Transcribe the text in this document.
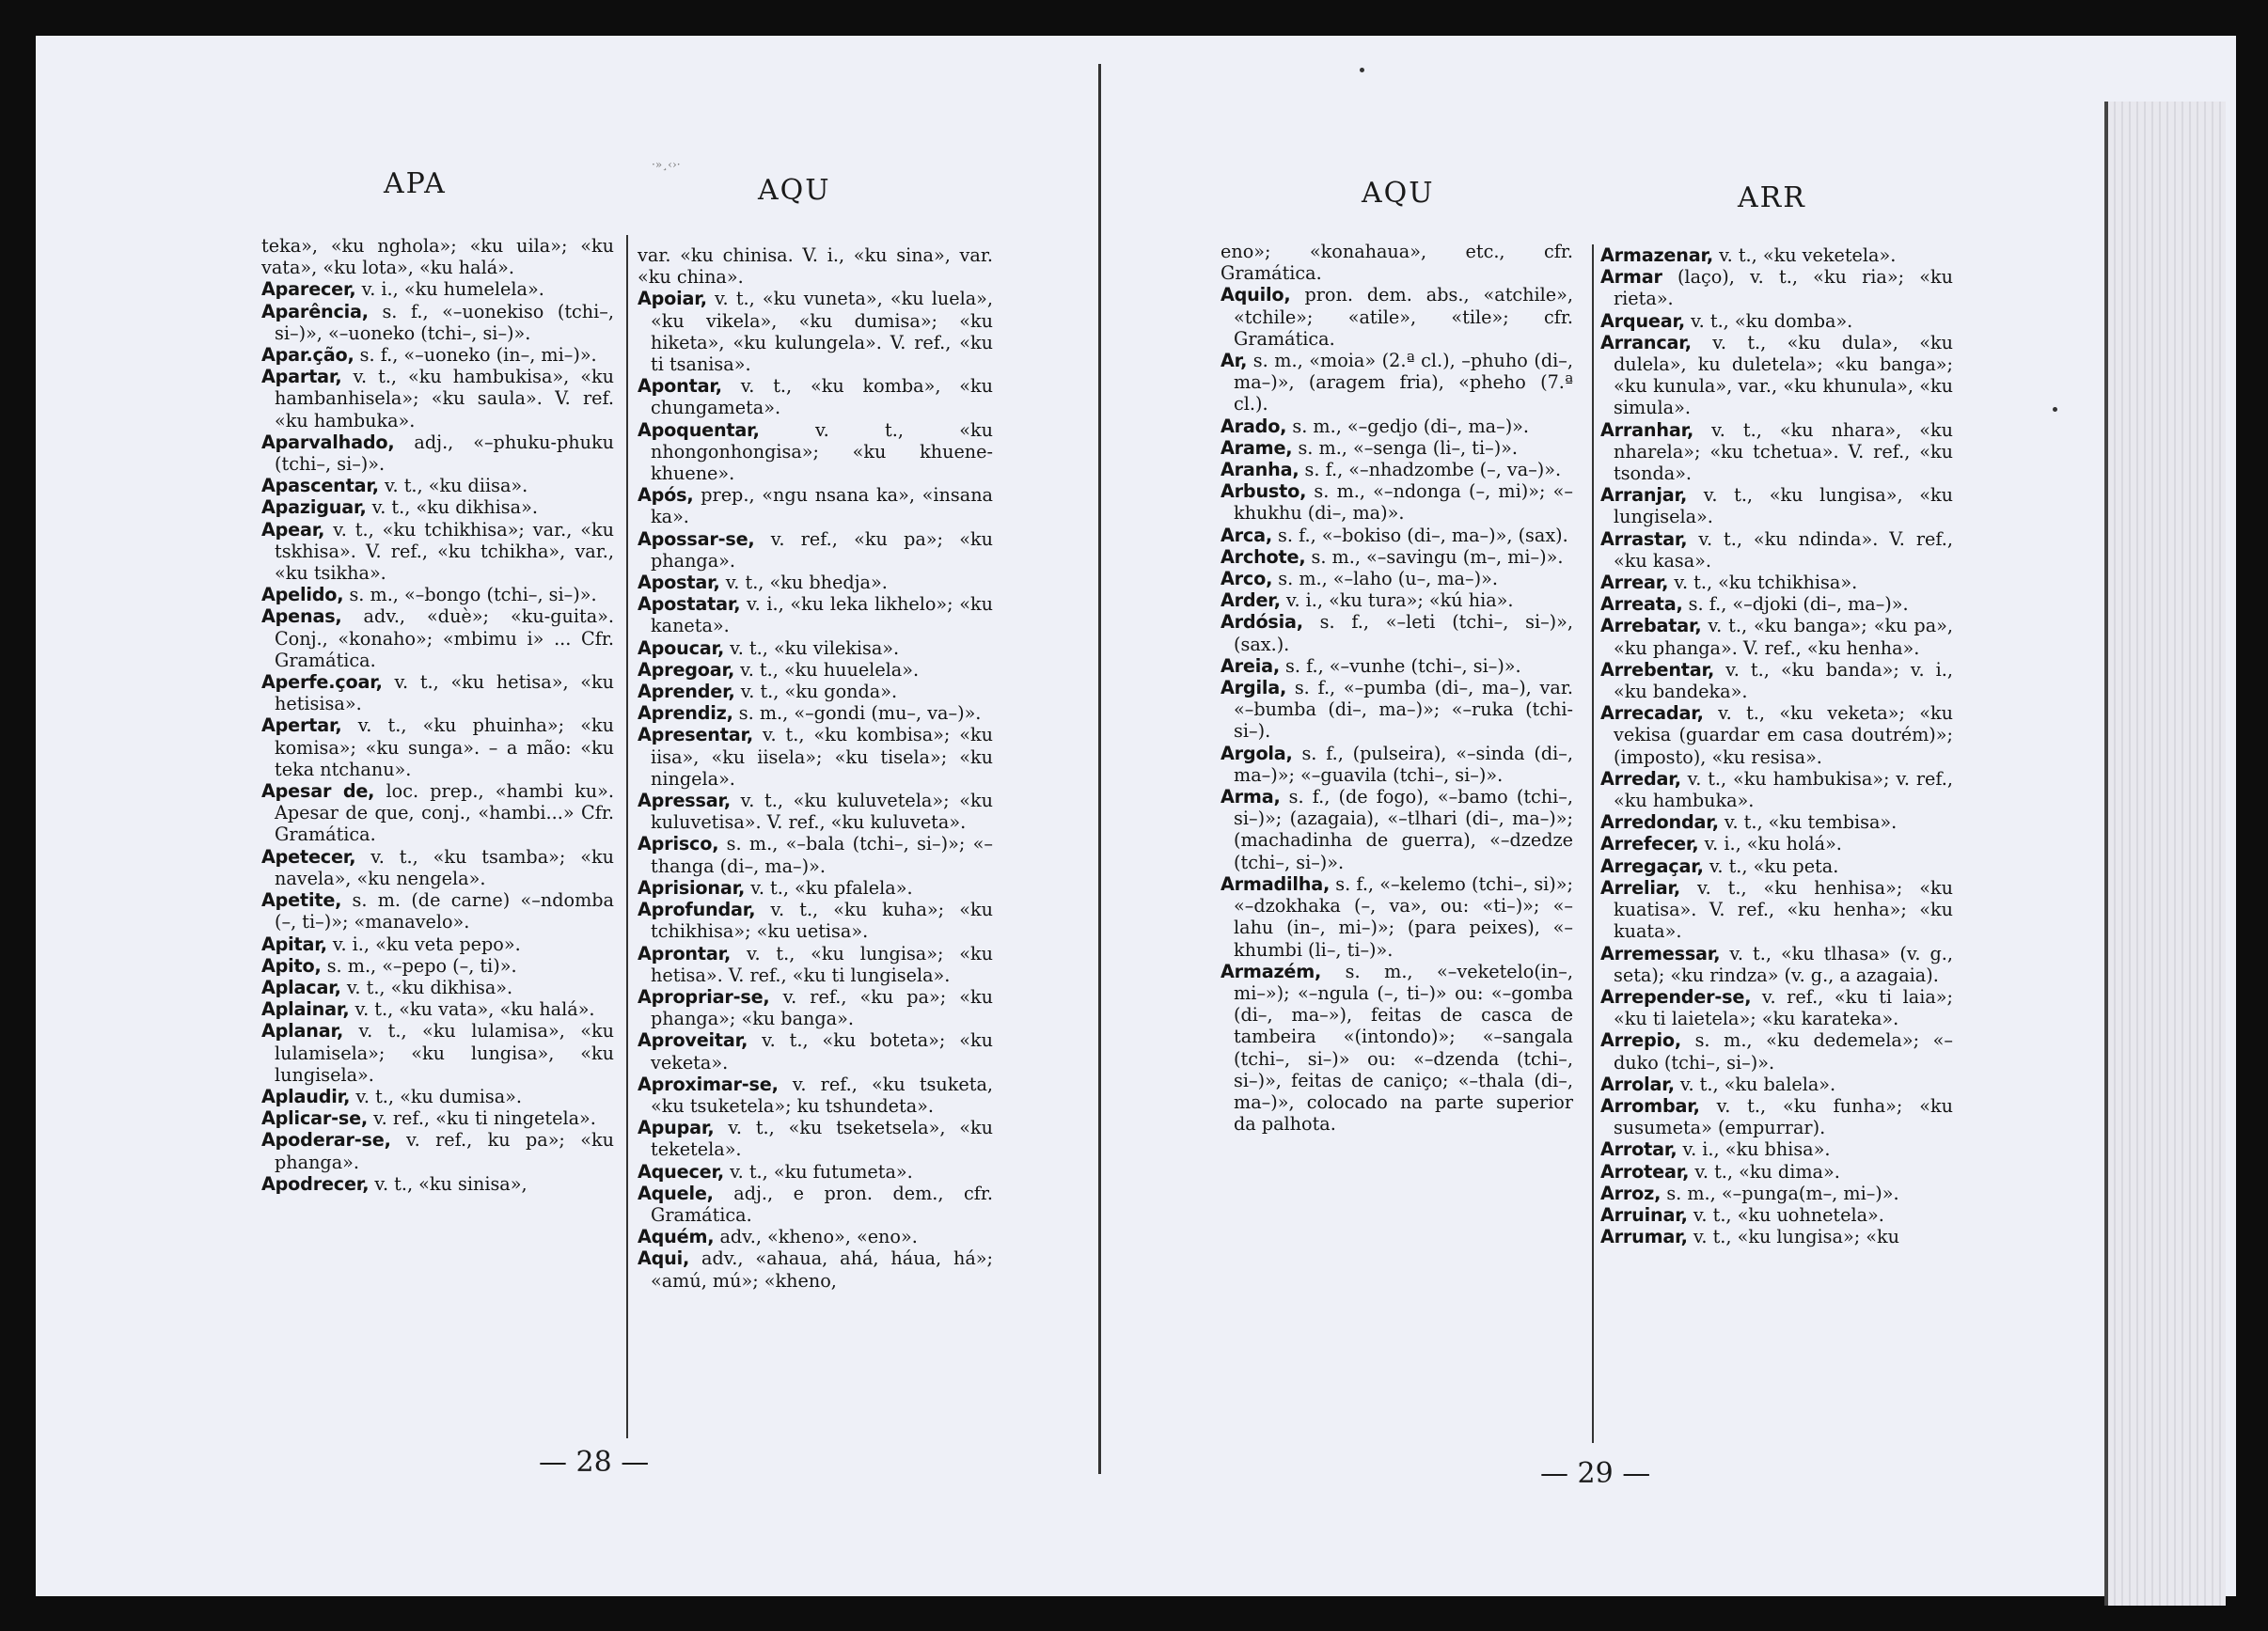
APA
·»¸‹›·
AQU

teka», «ku nghola»; «ku uila»; «ku vata», «ku lota», «ku halá».

Aparecer, v. i., «ku humelela».

Aparência, s. f., «–uonekiso (tchi–, si–)», «–uoneko (tchi–, si–)».

Apar.ção, s. f., «–uoneko (in–, mi–)».

Apartar, v. t., «ku hambukisa», «ku hambanhisela»; «ku saula». V. ref. «ku hambuka».

Aparvalhado, adj., «–phuku-phuku (tchi–, si–)».

Apascentar, v. t., «ku diisa».

Apaziguar, v. t., «ku dikhisa».

Apear, v. t., «ku tchikhisa»; var., «ku tskhisa». V. ref., «ku tchikha», var., «ku tsikha».

Apelido, s. m., «–bongo (tchi–, si–)».

Apenas, adv., «duè»; «ku-guita». Conj., «konaho»; «mbimu i» ... Cfr. Gramática.

Aperfe.çoar, v. t., «ku hetisa», «ku hetisisa».

Apertar, v. t., «ku phuinha»; «ku komisa»; «ku sunga». – a mão: «ku teka ntchanu».

Apesar de, loc. prep., «hambi ku». Apesar de que, conj., «hambi...» Cfr. Gramática.

Apetecer, v. t., «ku tsamba»; «ku navela», «ku nengela».

Apetite, s. m. (de carne) «–ndomba (–, ti–)»; «manavelo».

Apitar, v. i., «ku veta pepo».

Apito, s. m., «–pepo (–, ti)».

Aplacar, v. t., «ku dikhisa».

Aplainar, v. t., «ku vata», «ku halá».

Aplanar, v. t., «ku lulamisa», «ku lulamisela»; «ku lungisa», «ku lungisela».

Aplaudir, v. t., «ku dumisa».

Aplicar-se, v. ref., «ku ti ningetela».

Apoderar-se, v. ref., ku pa»; «ku phanga».

Apodrecer, v. t., «ku sinisa»,

var. «ku chinisa. V. i., «ku sina», var. «ku china».

Apoiar, v. t., «ku vuneta», «ku luela», «ku vikela», «ku dumisa»; «ku hiketa», «ku kulungela». V. ref., «ku ti tsanisa».

Apontar, v. t., «ku komba», «ku chungameta».

Apoquentar, v. t., «ku nhongonhongisa»; «ku khuene-khuene».

Após, prep., «ngu nsana ka», «insana ka».

Apossar-se, v. ref., «ku pa»; «ku phanga».

Apostar, v. t., «ku bhedja».

Apostatar, v. i., «ku leka likhelo»; «ku kaneta».

Apoucar, v. t., «ku vilekisa».

Apregoar, v. t., «ku huuelela».

Aprender, v. t., «ku gonda».

Aprendiz, s. m., «–gondi (mu–, va–)».

Apresentar, v. t., «ku kombisa»; «ku iisa», «ku iisela»; «ku tisela»; «ku ningela».

Apressar, v. t., «ku kuluvetela»; «ku kuluvetisa». V. ref., «ku kuluveta».

Aprisco, s. m., «–bala (tchi–, si–)»; «–thanga (di–, ma–)».

Aprisionar, v. t., «ku pfalela».

Aprofundar, v. t., «ku kuha»; «ku tchikhisa»; «ku uetisa».

Aprontar, v. t., «ku lungisa»; «ku hetisa». V. ref., «ku ti lungisela».

Apropriar-se, v. ref., «ku pa»; «ku phanga»; «ku banga».

Aproveitar, v. t., «ku boteta»; «ku veketa».

Aproximar-se, v. ref., «ku tsuketa, «ku tsuketela»; ku tshundeta».

Apupar, v. t., «ku tseketsela», «ku teketela».

Aquecer, v. t., «ku futumeta».

Aquele, adj., e pron. dem., cfr. Gramática.

Aquém, adv., «kheno», «eno».

Aqui, adv., «ahaua, ahá, háua, há»; «amú, mú»; «kheno,

— 28 —
AQU	ARR

eno»; «konahaua», etc., cfr. Gramática.

Aquilo, pron. dem. abs., «atchile», «tchile»; «atile», «tile»; cfr. Gramática.

Ar, s. m., «moia» (2.ª cl.), –phuho (di–, ma–)», (aragem fria), «pheho (7.ª cl.).

Arado, s. m., «–gedjo (di–, ma–)».

Arame, s. m., «–senga (li–, ti–)».

Aranha, s. f., «–nhadzombe (–, va–)».

Arbusto, s. m., «–ndonga (–, mi)»; «–khukhu (di–, ma)».

Arca, s. f., «–bokiso (di–, ma–)», (sax).

Archote, s. m., «–savingu (m–, mi–)».

Arco, s. m., «–laho (u–, ma–)».

Arder, v. i., «ku tura»; «kú hia».

Ardósia, s. f., «–leti (tchi–, si–)», (sax.).

Areia, s. f., «–vunhe (tchi–, si–)».

Argila, s. f., «–pumba (di–, ma–), var. «–bumba (di–, ma–)»; «–ruka (tchi- si–).

Argola, s. f., (pulseira), «–sinda (di–, ma–)»; «–guavila (tchi–, si–)».

Arma, s. f., (de fogo), «–bamo (tchi–, si–)»; (azagaia), «–tlhari (di–, ma–)»; (machadinha de guerra), «–dzedze (tchi–, si–)».

Armadilha, s. f., «–kelemo (tchi–, si)»; «–dzokhaka (–, va», ou: «ti–)»; «–lahu (in–, mi–)»; (para peixes), «–khumbi (li–, ti–)».

Armazém, s. m., «–veketelo(in–, mi–»); «–ngula (–, ti–)» ou: «–gomba (di–, ma–»), feitas de casca de tambeira «(intondo)»; «–sangala (tchi–, si–)» ou: «–dzenda (tchi–, si–)», feitas de caniço; «–thala (di–, ma–)», colocado na parte superior da palhota.

Armazenar, v. t., «ku veketela».

Armar (laço), v. t., «ku ria»; «ku rieta».

Arquear, v. t., «ku domba».

Arrancar, v. t., «ku dula», «ku dulela», ku duletela»; «ku banga»; «ku kunula», var., «ku khunula», «ku simula».

Arranhar, v. t., «ku nhara», «ku nharela»; «ku tchetua». V. ref., «ku tsonda».

Arranjar, v. t., «ku lungisa», «ku lungisela».

Arrastar, v. t., «ku ndinda». V. ref., «ku kasa».

Arrear, v. t., «ku tchikhisa».

Arreata, s. f., «–djoki (di–, ma–)».

Arrebatar, v. t., «ku banga»; «ku pa», «ku phanga». V. ref., «ku henha».

Arrebentar, v. t., «ku banda»; v. i., «ku bandeka».

Arrecadar, v. t., «ku veketa»; «ku vekisa (guardar em casa doutrém)»; (imposto), «ku resisa».

Arredar, v. t., «ku hambukisa»; v. ref., «ku hambuka».

Arredondar, v. t., «ku tembisa».

Arrefecer, v. i., «ku holá».

Arregaçar, v. t., «ku peta.

Arreliar, v. t., «ku henhisa»; «ku kuatisa». V. ref., «ku henha»; «ku kuata».

Arremessar, v. t., «ku tlhasa» (v. g., seta); «ku rindza» (v. g., a azagaia).

Arrepender-se, v. ref., «ku ti laia»; «ku ti laietela»; «ku karateka».

Arrepio, s. m., «ku dedemela»; «–duko (tchi–, si–)».

Arrolar, v. t., «ku balela».

Arrombar, v. t., «ku funha»; «ku susumeta» (empurrar).

Arrotar, v. i., «ku bhisa».

Arrotear, v. t., «ku dima».

Arroz, s. m., «–punga(m–, mi–)».

Arruinar, v. t., «ku uohnetela».

Arrumar, v. t., «ku lungisa»; «ku

— 29 —
